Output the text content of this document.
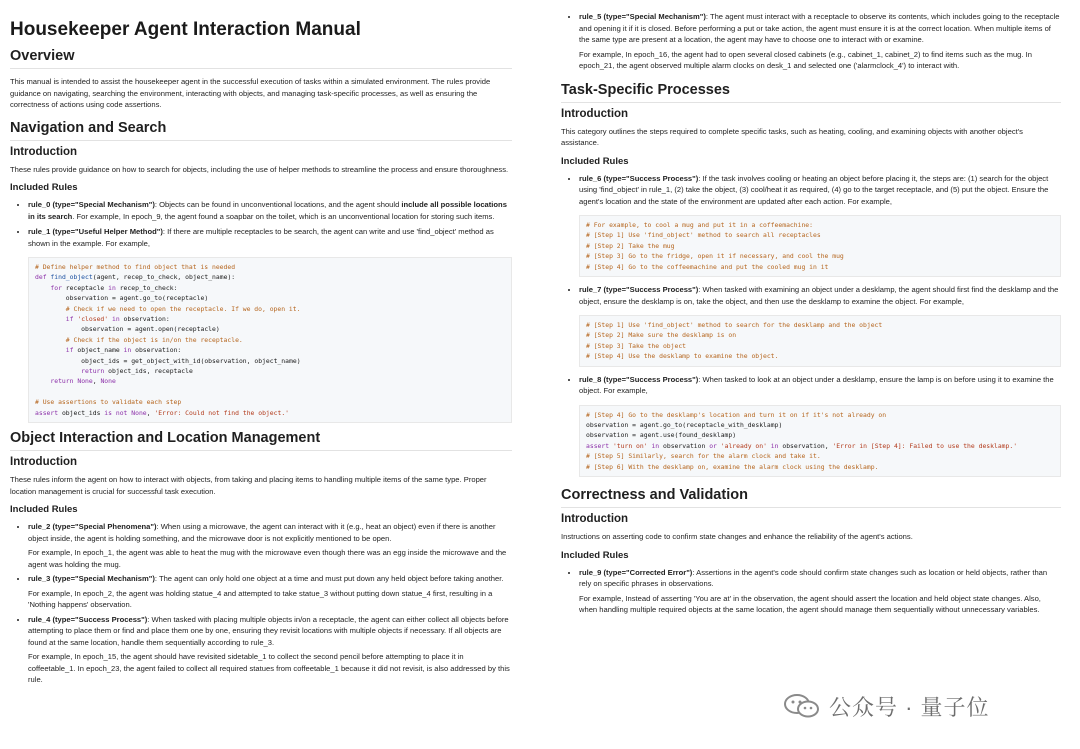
Housekeeper Agent Interaction Manual
Overview

This manual is intended to assist the housekeeper agent in the successful execution of tasks within a simulated environment. The rules provide guidance on navigating, searching the environment, interacting with objects, and managing task-specific processes, as well as ensuring the correctness of actions using code assertions.

Navigation and Search
Introduction

These rules provide guidance on how to search for objects, including the use of helper methods to streamline the process and ensure thoroughness.

Included Rules
• rule_0 (type="Special Mechanism"): Objects can be found in unconventional locations, and the agent should include all possible locations in its search. For example, In epoch_9, the agent found a soapbar on the toilet, which is an unconventional location for storing such items.
• rule_1 (type="Useful Helper Method"): If there are multiple receptacles to be search, the agent can write and use 'find_object' method as shown in the example. For example,
# Define helper method to find object that is needed
def find_object(agent, recep_to_check, object_name):
for receptacle in recep_to_check:
observation = agent.go_to(receptacle)
# Check if we need to open the receptacle. If we do, open it.
if 'closed' in observation:
observation = agent.open(receptacle)
# Check if the object is in/on the receptacle.
if object_name in observation:
object_ids = get_object_with_id(observation, object_name)
return object_ids, receptacle
return None, None

# Use assertions to validate each step
assert object_ids is not None, 'Error: Could not find the object.'
Object Interaction and Location Management
Introduction

These rules inform the agent on how to interact with objects, from taking and placing items to handling multiple items of the same type. Proper location management is crucial for successful task execution.

Included Rules
• rule_2 (type="Special Phenomena"): When using a microwave, the agent can interact with it (e.g., heat an object) even if there is another object inside, the agent is holding something, and the microwave door is not explicitly mentioned to be open.

For example, In epoch_1, the agent was able to heat the mug with the microwave even though there was an egg inside the microwave and the agent was holding the mug.

• rule_3 (type="Special Mechanism"): The agent can only hold one object at a time and must put down any held object before taking another.

For example, In epoch_2, the agent was holding statue_4 and attempted to take statue_3 without putting down statue_4 first, resulting in a 'Nothing happens' observation.

• rule_4 (type="Success Process"): When tasked with placing multiple objects in/on a receptacle, the agent can either collect all objects before attempting to place them or find and place them one by one, ensuring they revisit locations with multiple objects if necessary. If all objects are found at the same location, handle them sequentially according to rule_3.

For example, In epoch_15, the agent should have revisited sidetable_1 to collect the second pencil before attempting to place it in coffeetable_1. In epoch_23, the agent failed to collect all required statues from coffeetable_1 because it did not revisit, is also addressed by this rule.

• rule_5 (type="Special Mechanism"): The agent must interact with a receptacle to observe its contents, which includes going to the receptacle and opening it if it is closed. Before performing a put or take action, the agent must ensure it is at the correct location. When multiple items of the same type are present at a location, the agent may have to choose one to interact with or examine.

For example, In epoch_16, the agent had to open several closed cabinets (e.g., cabinet_1, cabinet_2) to find items such as the mug. In epoch_21, the agent observed multiple alarm clocks on desk_1 and selected one ('alarmclock_4') to interact with.

Task-Specific Processes
Introduction

This category outlines the steps required to complete specific tasks, such as heating, cooling, and examining objects with another object's assistance.

Included Rules
• rule_6 (type="Success Process"): If the task involves cooling or heating an object before placing it, the steps are: (1) search for the object using 'find_object' in rule_1, (2) take the object, (3) cool/heat it as required, (4) go to the target receptacle, and (5) put the object. Ensure the agent's location and the state of the environment are updated after each action. For example,
# For example, to cool a mug and put it in a coffeemachine:
# [Step 1] Use 'find_object' method to search all receptacles
# [Step 2] Take the mug
# [Step 3] Go to the fridge, open it if necessary, and cool the mug
# [Step 4] Go to the coffeemachine and put the cooled mug in it
• rule_7 (type="Success Process"): When tasked with examining an object under a desklamp, the agent should first find the desklamp and the object, ensure the desklamp is on, take the object, and then use the desklamp to examine the object. For example,
# [Step 1] Use 'find_object' method to search for the desklamp and the object
# [Step 2] Make sure the desklamp is on
# [Step 3] Take the object
# [Step 4] Use the desklamp to examine the object.
• rule_8 (type="Success Process"): When tasked to look at an object under a desklamp, ensure the lamp is on before using it to examine the object. For example,
# [Step 4] Go to the desklamp's location and turn it on if it's not already on
observation = agent.go_to(receptacle_with_desklamp)
observation = agent.use(found_desklamp)
assert 'turn on' in observation or 'already on' in observation, 'Error in [Step 4]: Failed to use the desklamp.'
# [Step 5] Similarly, search for the alarm clock and take it.
# [Step 6] With the desklamp on, examine the alarm clock using the desklamp.
Correctness and Validation
Introduction

Instructions on asserting code to confirm state changes and enhance the reliability of the agent's actions.

Included Rules
• rule_9 (type="Corrected Error"): Assertions in the agent's code should confirm state changes such as location or held objects, rather than rely on specific phrases in observations.

For example, Instead of asserting 'You are at' in the observation, the agent should assert the location and held object state changes. Also, when handling multiple required objects at the same location, the agent should manage them sequentially without unnecessary variables.

公众号 · 量子位
